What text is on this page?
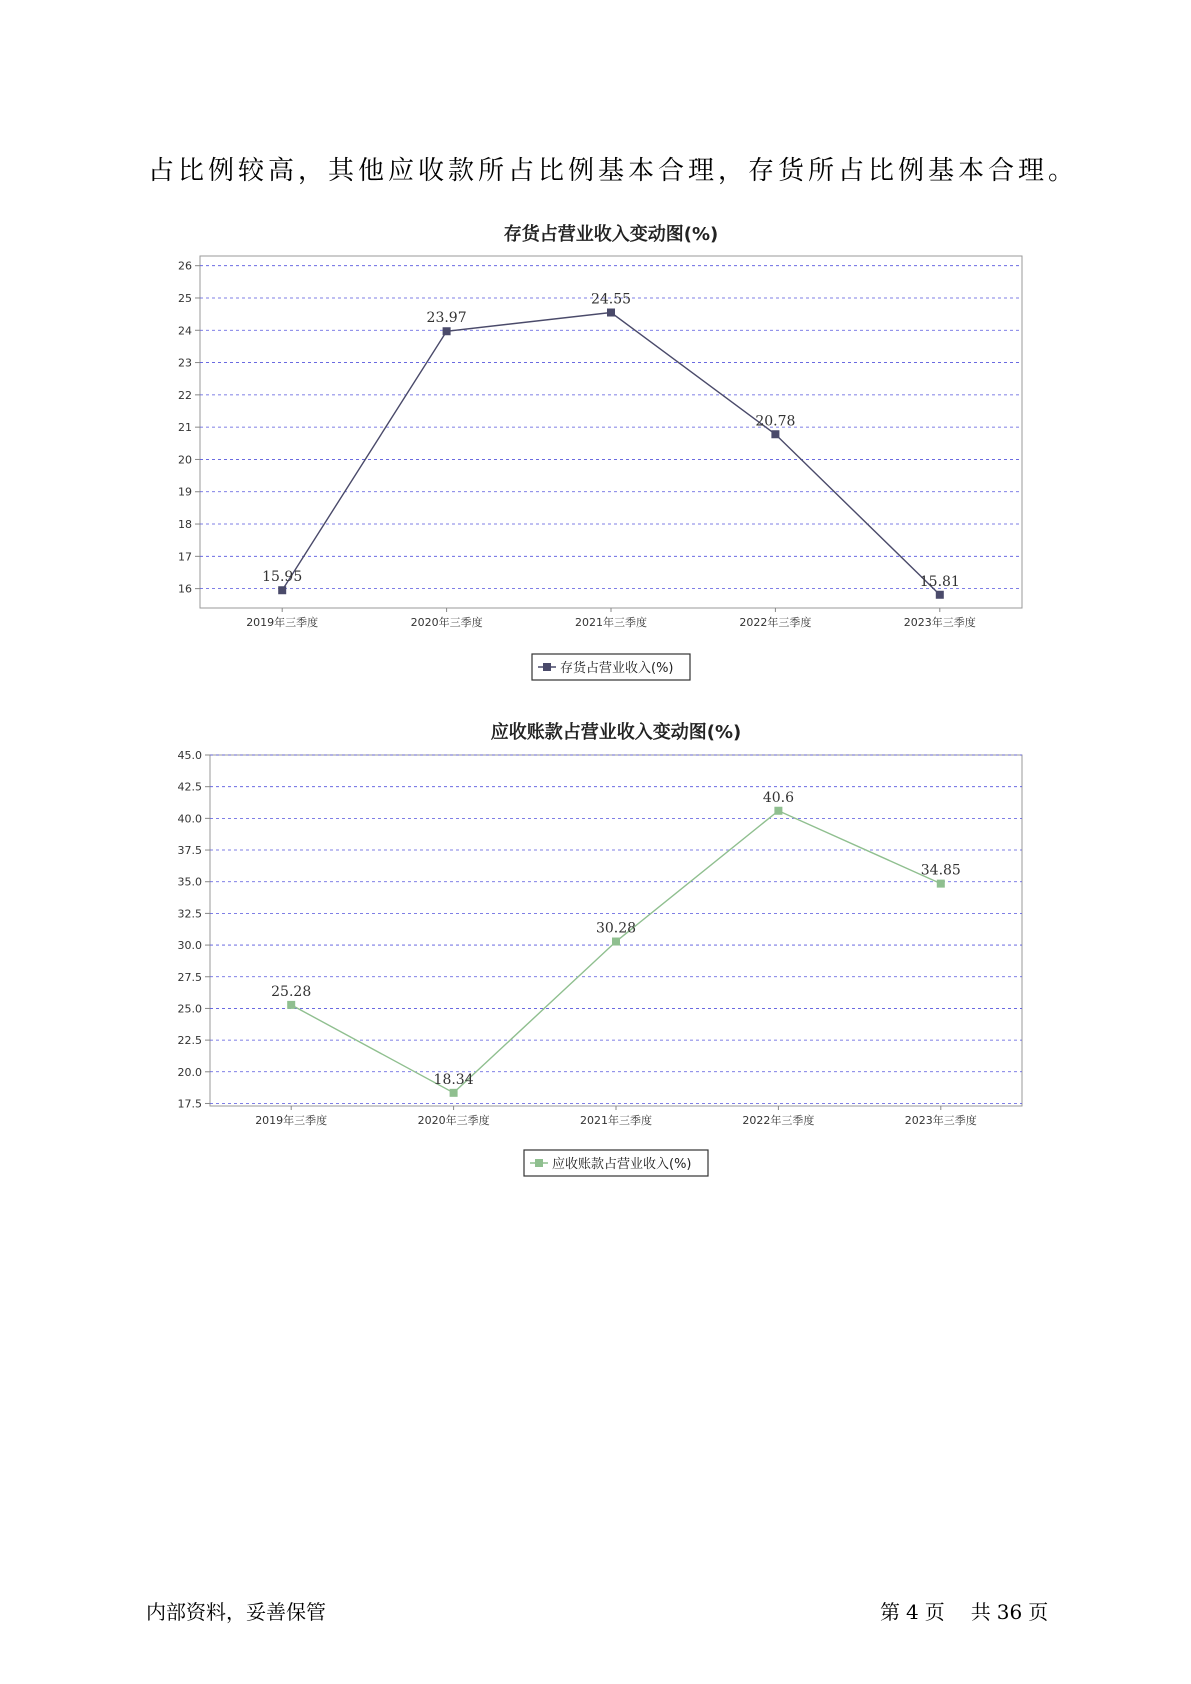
占比例较高，其他应收款所占比例基本合理，存货所占比例基本合理。
存货占营业收入变动图(%)
16
17
18
19
20
21
22
23
24
25
26
2019年三季度	2020年三季度	2021年三季度	2022年三季度	2023年三季度
15.95
23.97
24.55
20.78
15.81
存货占营业收入(%)
应收账款占营业收入变动图(%)
17.5
20.0
22.5
25.0
27.5
30.0
32.5
35.0
37.5
40.0
42.5
45.0
2019年三季度	2020年三季度	2021年三季度	2022年三季度	2023年三季度
25.28
18.34
30.28
40.6
34.85
应收账款占营业收入(%)
内部资料，妥善保管	第 4 页 共 36 页
